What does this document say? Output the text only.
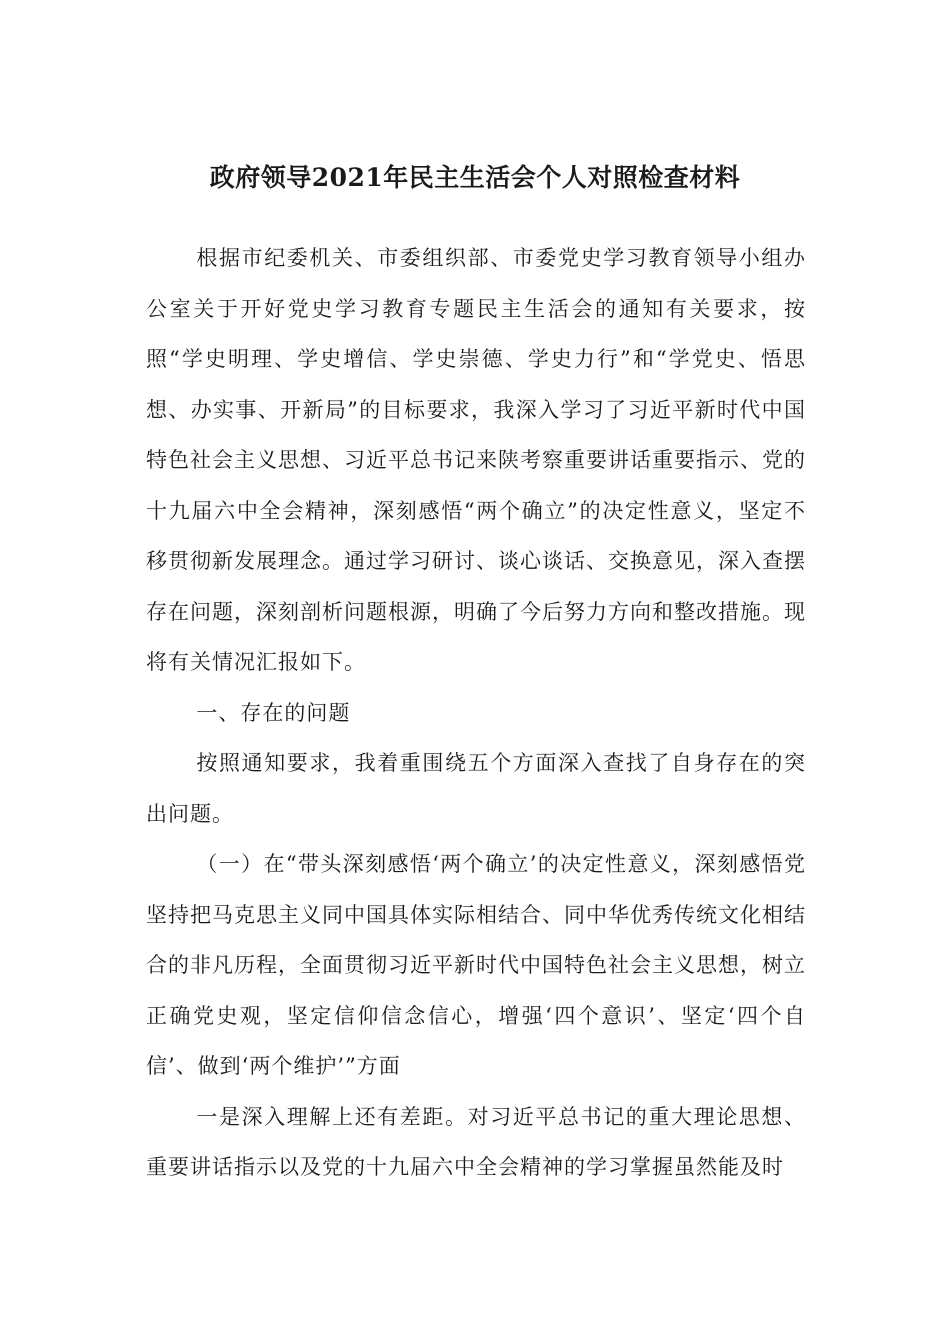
政府领导2021年民主生活会个人对照检查材料

根据市纪委机关、市委组织部、市委党史学习教育领导小组办公室关于开好党史学习教育专题民主生活会的通知有关要求，按照“学史明理、学史增信、学史崇德、学史力行”和“学党史、悟思想、办实事、开新局”的目标要求，我深入学习了习近平新时代中国特色社会主义思想、习近平总书记来陕考察重要讲话重要指示、党的十九届六中全会精神，深刻感悟“两个确立”的决定性意义，坚定不移贯彻新发展理念。通过学习研讨、谈心谈话、交换意见，深入查摆存在问题，深刻剖析问题根源，明确了今后努力方向和整改措施。现将有关情况汇报如下。

一、存在的问题

按照通知要求，我着重围绕五个方面深入查找了自身存在的突出问题。

（一）在“带头深刻感悟‘两个确立’的决定性意义，深刻感悟党坚持把马克思主义同中国具体实际相结合、同中华优秀传统文化相结合的非凡历程，全面贯彻习近平新时代中国特色社会主义思想，树立正确党史观，坚定信仰信念信心，增强‘四个意识’、坚定‘四个自信’、做到‘两个维护’”方面

一是深入理解上还有差距。对习近平总书记的重大理论思想、重要讲话指示以及党的十九届六中全会精神的学习掌握虽然能及时
